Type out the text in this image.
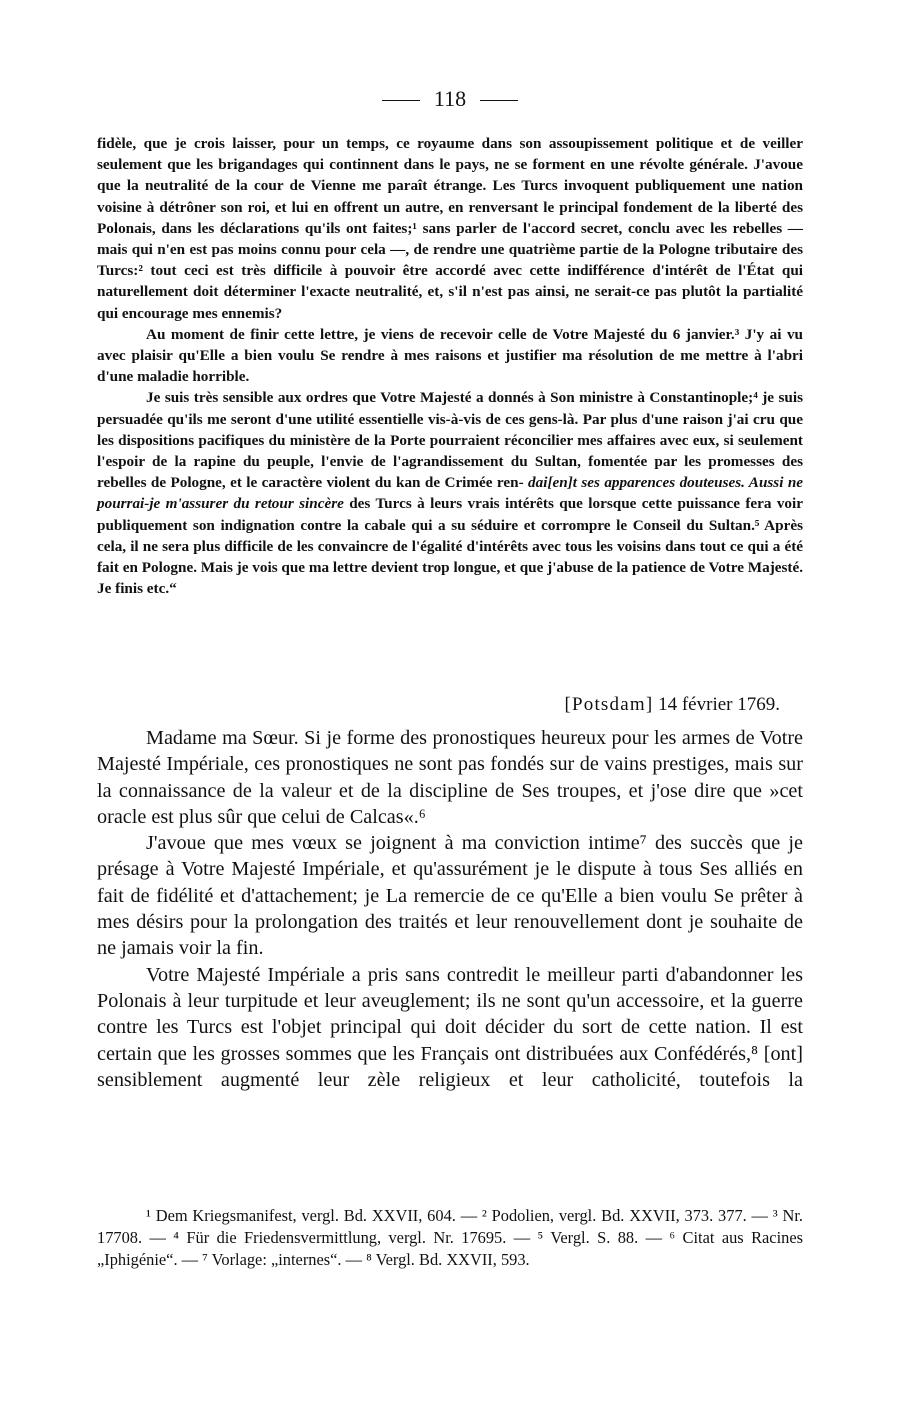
118

fidèle, que je crois laisser, pour un temps, ce royaume dans son assoupissement politique et de veiller seulement que les brigandages qui continnent dans le pays, ne se forment en une révolte générale. J'avoue que la neutralité de la cour de Vienne me paraît étrange. Les Turcs invoquent publiquement une nation voisine à détrôner son roi, et lui en offrent un autre, en renversant le principal fondement de la liberté des Polonais, dans les déclarations qu'ils ont faites;¹ sans parler de l'accord secret, conclu avec les rebelles — mais qui n'en est pas moins connu pour cela —, de rendre une quatrième partie de la Pologne tributaire des Turcs:² tout ceci est très difficile à pouvoir être accordé avec cette indifférence d'intérêt de l'État qui naturellement doit déterminer l'exacte neutralité, et, s'il n'est pas ainsi, ne serait-ce pas plutôt la partialité qui encourage mes ennemis?

Au moment de finir cette lettre, je viens de recevoir celle de Votre Majesté du 6 janvier.³ J'y ai vu avec plaisir qu'Elle a bien voulu Se rendre à mes raisons et justifier ma résolution de me mettre à l'abri d'une maladie horrible.

Je suis très sensible aux ordres que Votre Majesté a donnés à Son ministre à Constantinople;⁴ je suis persuadée qu'ils me seront d'une utilité essentielle vis-à-vis de ces gens-là. Par plus d'une raison j'ai cru que les dispositions pacifiques du ministère de la Porte pourraient réconcilier mes affaires avec eux, si seulement l'espoir de la rapine du peuple, l'envie de l'agrandissement du Sultan, fomentée par les promesses des rebelles de Pologne, et le caractère violent du kan de Crimée ren- dai[en]t ses apparences douteuses. Aussi ne pourrai-je m'assurer du retour sincère des Turcs à leurs vrais intérêts que lorsque cette puissance fera voir publiquement son indignation contre la cabale qui a su séduire et corrompre le Conseil du Sultan.⁵ Après cela, il ne sera plus difficile de les convaincre de l'égalité d'intérêts avec tous les voisins dans tout ce qui a été fait en Pologne. Mais je vois que ma lettre devient trop longue, et que j'abuse de la patience de Votre Majesté. Je finis etc.“

[Potsdam] 14 février 1769.

Madame ma Sœur. Si je forme des pronostiques heureux pour les armes de Votre Majesté Impériale, ces pronostiques ne sont pas fondés sur de vains prestiges, mais sur la connaissance de la valeur et de la discipline de Ses troupes, et j'ose dire que »cet oracle est plus sûr que celui de Calcas«.⁶

J'avoue que mes vœux se joignent à ma conviction intime⁷ des succès que je présage à Votre Majesté Impériale, et qu'assurément je le dispute à tous Ses alliés en fait de fidélité et d'attachement; je La remercie de ce qu'Elle a bien voulu Se prêter à mes désirs pour la prolongation des traités et leur renouvellement dont je souhaite de ne jamais voir la fin.

Votre Majesté Impériale a pris sans contredit le meilleur parti d'abandonner les Polonais à leur turpitude et leur aveuglement; ils ne sont qu'un accessoire, et la guerre contre les Turcs est l'objet principal qui doit décider du sort de cette nation. Il est certain que les grosses sommes que les Français ont distribuées aux Confédérés,⁸ [ont] sensiblement augmenté leur zèle religieux et leur catholicité, toutefois la

¹ Dem Kriegsmanifest, vergl. Bd. XXVII, 604. — ² Podolien, vergl. Bd. XXVII, 373. 377. — ³ Nr. 17708. — ⁴ Für die Friedensvermittlung, vergl. Nr. 17695. — ⁵ Vergl. S. 88. — ⁶ Citat aus Racines „Iphigénie“. — ⁷ Vorlage: „internes“. — ⁸ Vergl. Bd. XXVII, 593.
